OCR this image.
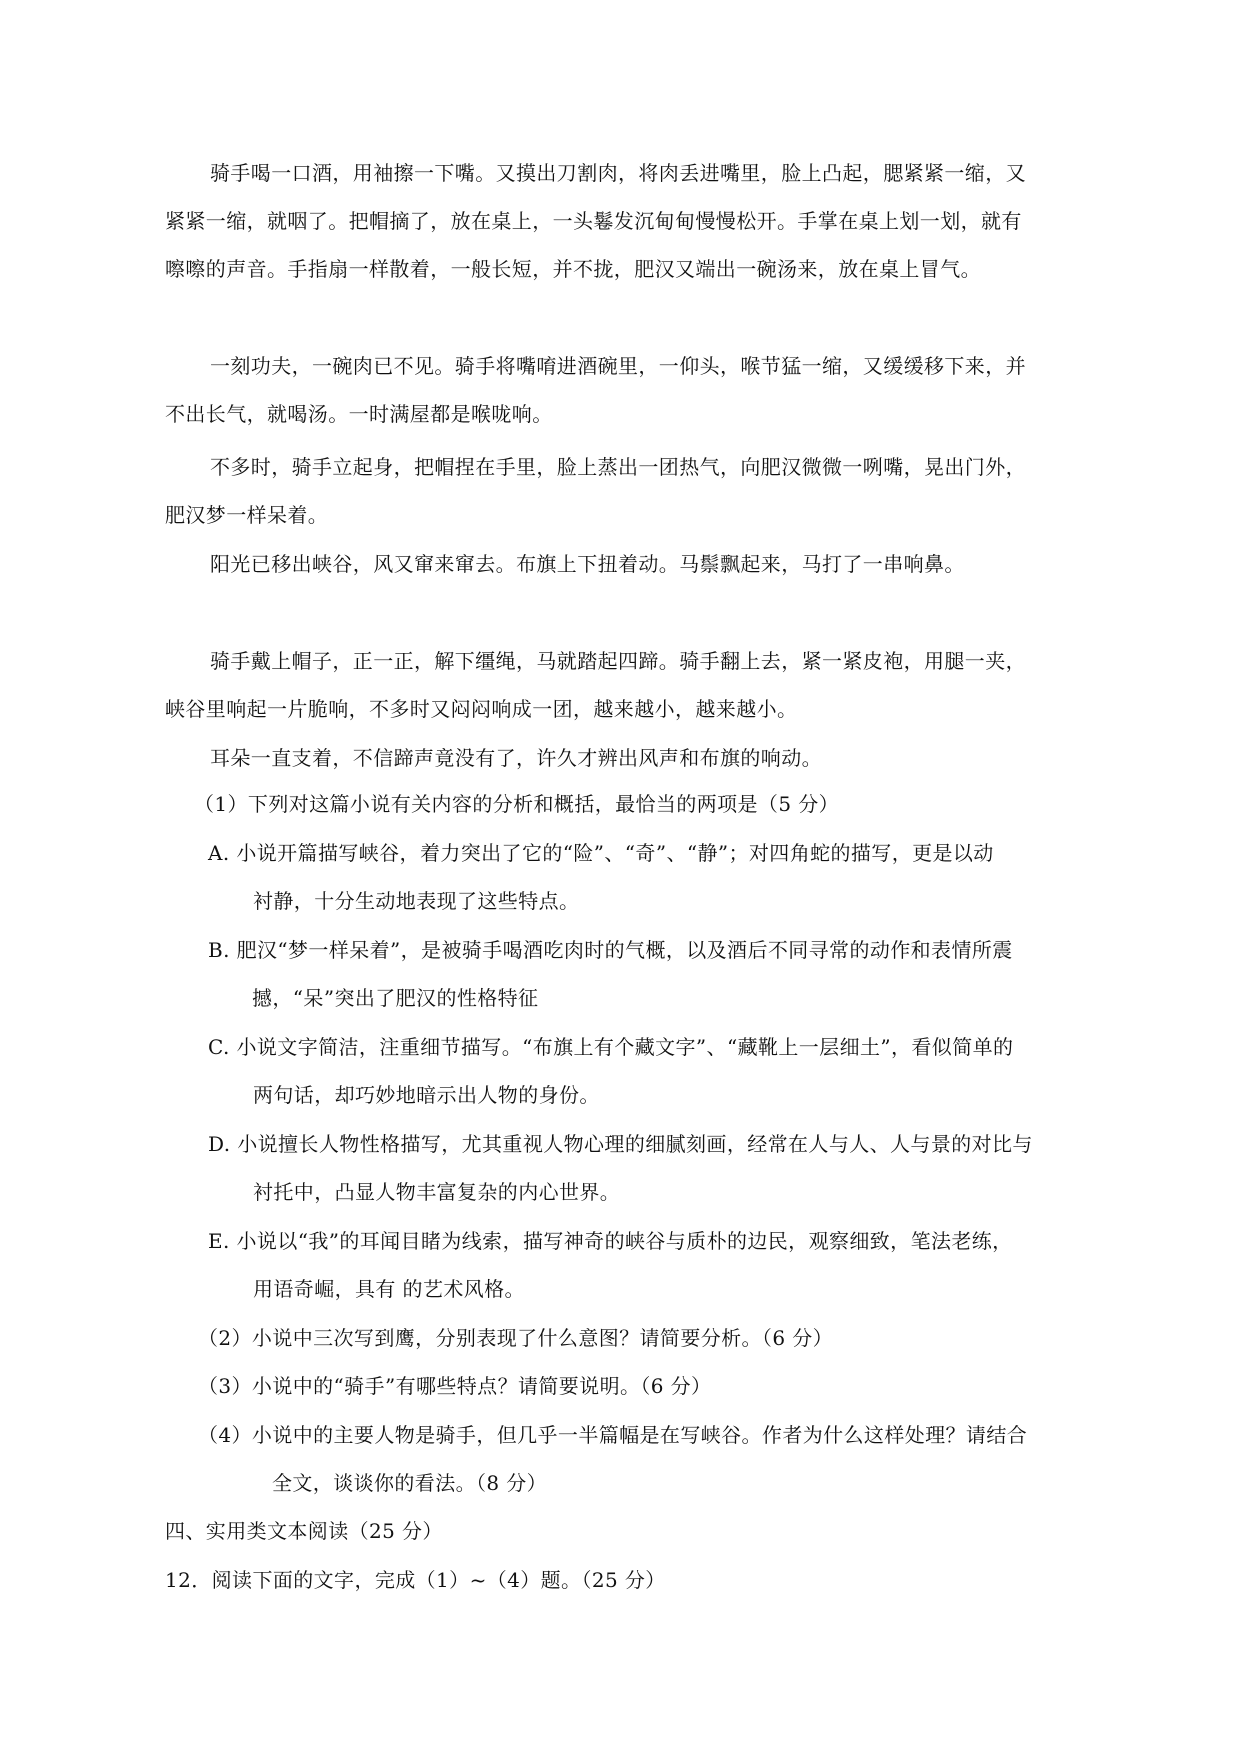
骑手喝一口酒，用袖擦一下嘴。又摸出刀割肉，将肉丢进嘴里，脸上凸起，腮紧紧一缩，又
紧紧一缩，就咽了。把帽摘了，放在桌上，一头鬈发沉甸甸慢慢松开。手掌在桌上划一划，就有
嚓嚓的声音。手指扇一样散着，一般长短，并不拢，肥汉又端出一碗汤来，放在桌上冒气。
一刻功夫，一碗肉已不见。骑手将嘴唷进酒碗里，一仰头，喉节猛一缩，又缓缓移下来，并
不出长气，就喝汤。一时满屋都是喉咙响。
不多时，骑手立起身，把帽捏在手里，脸上蒸出一团热气，向肥汉微微一咧嘴，晃出门外，
肥汉梦一样呆着。
阳光已移出峡谷，风又窜来窜去。布旗上下扭着动。马鬃飘起来，马打了一串响鼻。
骑手戴上帽子，正一正，解下缰绳，马就踏起四蹄。骑手翻上去，紧一紧皮袍，用腿一夹，
峡谷里响起一片脆响，不多时又闷闷响成一团，越来越小，越来越小。
耳朵一直支着，不信蹄声竟没有了，许久才辨出风声和布旗的响动。
（1）下列对这篇小说有关内容的分析和概括，最恰当的两项是（5 分）
A. 小说开篇描写峡谷，着力突出了它的“险”、“奇”、“静”；对四角蛇的描写，更是以动
衬静，十分生动地表现了这些特点。
B. 肥汉“梦一样呆着”，是被骑手喝酒吃肉时的气概，以及酒后不同寻常的动作和表情所震
撼，“呆”突出了肥汉的性格特征
C. 小说文字简洁，注重细节描写。“布旗上有个藏文字”、“藏靴上一层细土”，看似简单的
两句话，却巧妙地暗示出人物的身份。
D. 小说擅长人物性格描写，尤其重视人物心理的细腻刻画，经常在人与人、人与景的对比与
衬托中，凸显人物丰富复杂的内心世界。
E. 小说以“我”的耳闻目睹为线索，描写神奇的峡谷与质朴的边民，观察细致，笔法老练，
用语奇崛，具有 的艺术风格。
（2）小说中三次写到鹰，分别表现了什么意图？请简要分析。（6 分）
（3）小说中的“骑手”有哪些特点？请简要说明。（6 分）
（4）小说中的主要人物是骑手，但几乎一半篇幅是在写峡谷。作者为什么这样处理？请结合
全文，谈谈你的看法。（8 分）
四、实用类文本阅读（25 分）
12．阅读下面的文字，完成（1）~（4）题。（25 分）
